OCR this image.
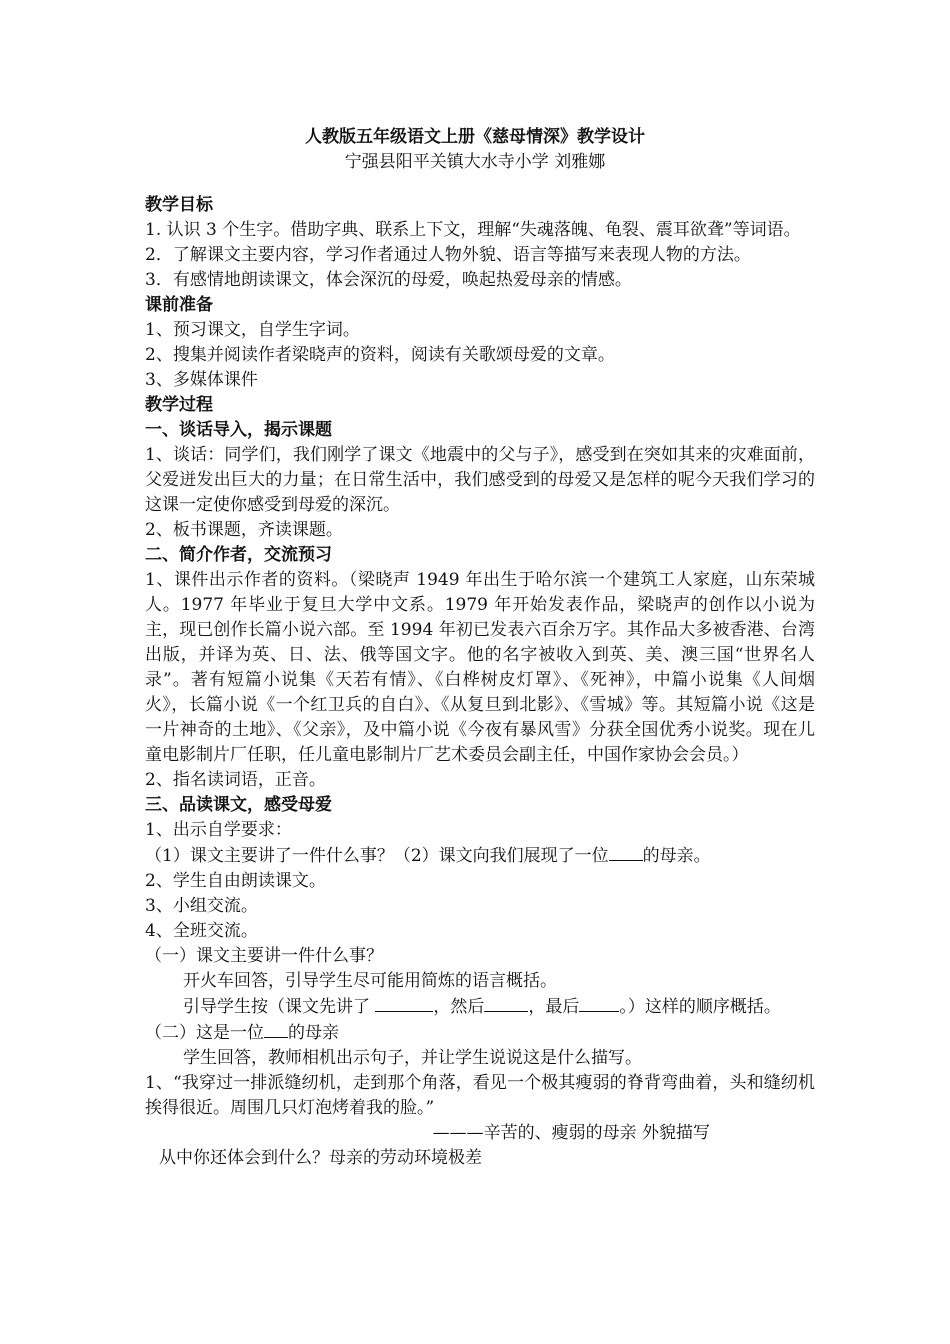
人教版五年级语文上册《慈母情深》教学设计
宁强县阳平关镇大水寺小学 刘雅娜
教学目标
1. 认识 3 个生字。借助字典、联系上下文，理解“失魂落魄、龟裂、震耳欲聋”等词语。
2．了解课文主要内容，学习作者通过人物外貌、语言等描写来表现人物的方法。
3．有感情地朗读课文，体会深沉的母爱，唤起热爱母亲的情感。
课前准备
1、预习课文，自学生字词。
2、搜集并阅读作者梁晓声的资料，阅读有关歌颂母爱的文章。
3、多媒体课件
教学过程
一、谈话导入，揭示课题
1、谈话：同学们，我们刚学了课文《地震中的父与子》，感受到在突如其来的灾难面前，父爱迸发出巨大的力量；在日常生活中，我们感受到的母爱又是怎样的呢今天我们学习的这课一定使你感受到母爱的深沉。
2、板书课题，齐读课题。
二、简介作者，交流预习
1、课件出示作者的资料。（梁晓声 1949 年出生于哈尔滨一个建筑工人家庭，山东荣城人。1977 年毕业于复旦大学中文系。1979 年开始发表作品，梁晓声的创作以小说为主，现已创作长篇小说六部。至 1994 年初已发表六百余万字。其作品大多被香港、台湾出版，并译为英、日、法、俄等国文字。他的名字被收入到英、美、澳三国“世界名人录”。著有短篇小说集《天若有情》、《白桦树皮灯罩》、《死神》，中篇小说集《人间烟火》，长篇小说《一个红卫兵的自白》、《从复旦到北影》、《雪城》等。其短篇小说《这是一片神奇的土地》、《父亲》，及中篇小说《今夜有暴风雪》分获全国优秀小说奖。现在儿童电影制片厂任职，任儿童电影制片厂艺术委员会副主任，中国作家协会会员。）
2、指名读词语，正音。
三、品读课文，感受母爱
1、出示自学要求：
（1）课文主要讲了一件什么事？（2）课文向我们展现了一位 的母亲。
2、学生自由朗读课文。
3、小组交流。
4、全班交流。
（一）课文主要讲一件什么事？
开火车回答，引导学生尽可能用简炼的语言概括。
引导学生按（课文先讲了	，然后	，最后 。）这样的顺序概括。
（二）这是一位 的母亲
学生回答，教师相机出示句子，并让学生说说这是什么描写。
1、“我穿过一排派缝纫机，走到那个角落，看见一个极其瘦弱的脊背弯曲着，头和缝纫机挨得很近。周围几只灯泡烤着我的脸。”
———辛苦的、瘦弱的母亲 外貌描写
从中你还体会到什么？母亲的劳动环境极差
